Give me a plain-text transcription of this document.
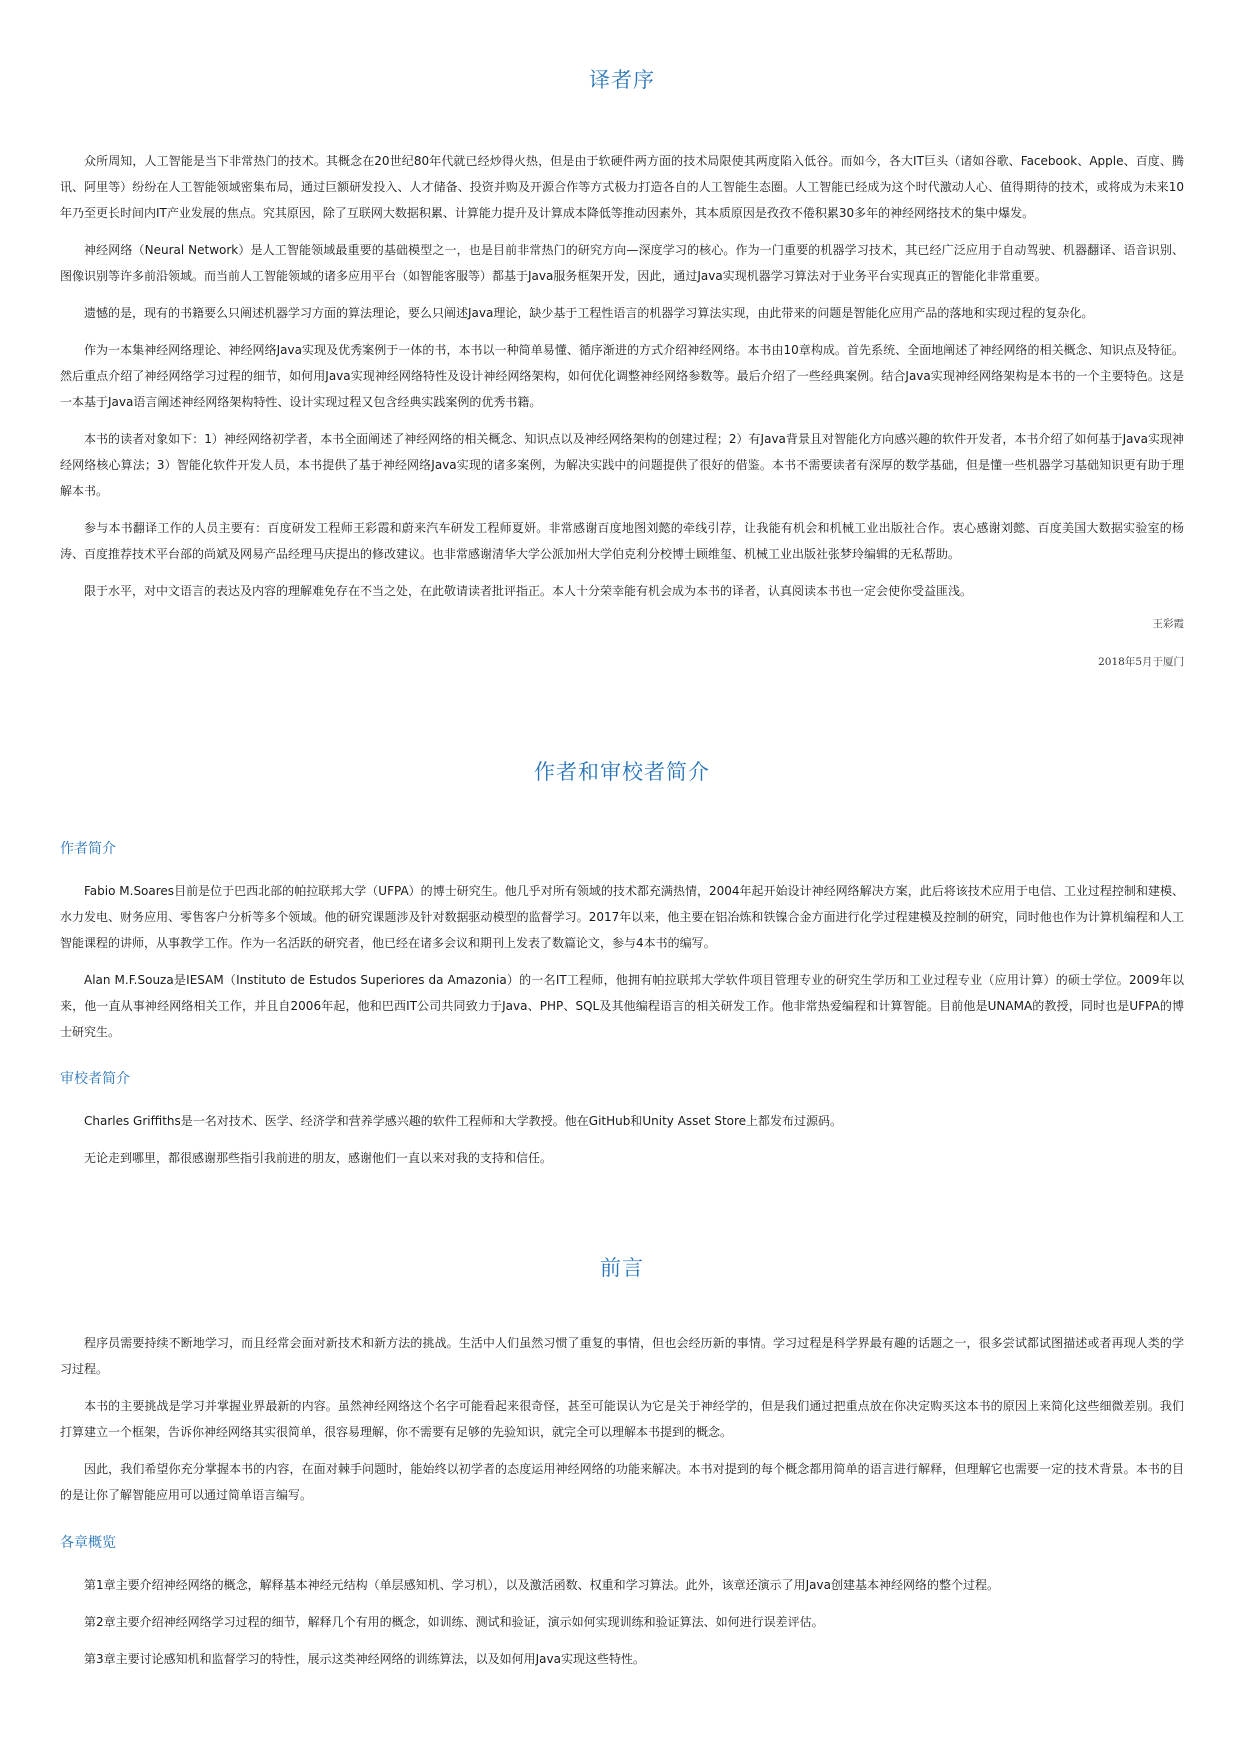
译者序

众所周知，人工智能是当下非常热门的技术。其概念在20世纪80年代就已经炒得火热，但是由于软硬件两方面的技术局限使其两度陷入低谷。而如今，各大IT巨头（诸如谷歌、Facebook、Apple、百度、腾讯、阿里等）纷纷在人工智能领域密集布局，通过巨额研发投入、人才储备、投资并购及开源合作等方式极力打造各自的人工智能生态圈。人工智能已经成为这个时代激动人心、值得期待的技术，或将成为未来10年乃至更长时间内IT产业发展的焦点。究其原因，除了互联网大数据积累、计算能力提升及计算成本降低等推动因素外，其本质原因是孜孜不倦积累30多年的神经网络技术的集中爆发。

神经网络（Neural Network）是人工智能领域最重要的基础模型之一，也是目前非常热门的研究方向—深度学习的核心。作为一门重要的机器学习技术，其已经广泛应用于自动驾驶、机器翻译、语音识别、图像识别等许多前沿领域。而当前人工智能领域的诸多应用平台（如智能客服等）都基于Java服务框架开发，因此，通过Java实现机器学习算法对于业务平台实现真正的智能化非常重要。

遗憾的是，现有的书籍要么只阐述机器学习方面的算法理论，要么只阐述Java理论，缺少基于工程性语言的机器学习算法实现，由此带来的问题是智能化应用产品的落地和实现过程的复杂化。

作为一本集神经网络理论、神经网络Java实现及优秀案例于一体的书，本书以一种简单易懂、循序渐进的方式介绍神经网络。本书由10章构成。首先系统、全面地阐述了神经网络的相关概念、知识点及特征。然后重点介绍了神经网络学习过程的细节，如何用Java实现神经网络特性及设计神经网络架构，如何优化调整神经网络参数等。最后介绍了一些经典案例。结合Java实现神经网络架构是本书的一个主要特色。这是一本基于Java语言阐述神经网络架构特性、设计实现过程又包含经典实践案例的优秀书籍。

本书的读者对象如下：1）神经网络初学者，本书全面阐述了神经网络的相关概念、知识点以及神经网络架构的创建过程；2）有Java背景且对智能化方向感兴趣的软件开发者，本书介绍了如何基于Java实现神经网络核心算法；3）智能化软件开发人员，本书提供了基于神经网络Java实现的诸多案例，为解决实践中的问题提供了很好的借鉴。本书不需要读者有深厚的数学基础，但是懂一些机器学习基础知识更有助于理解本书。

参与本书翻译工作的人员主要有：百度研发工程师王彩霞和蔚来汽车研发工程师夏妍。非常感谢百度地图刘懿的牵线引荐，让我能有机会和机械工业出版社合作。衷心感谢刘懿、百度美国大数据实验室的杨涛、百度推荐技术平台部的尚斌及网易产品经理马庆提出的修改建议。也非常感谢清华大学公派加州大学伯克利分校博士顾维玺、机械工业出版社张梦玲编辑的无私帮助。

限于水平，对中文语言的表达及内容的理解难免存在不当之处，在此敬请读者批评指正。本人十分荣幸能有机会成为本书的译者，认真阅读本书也一定会使你受益匪浅。

王彩霞

2018年5月于厦门

作者和审校者简介
作者简介

Fabio M.Soares目前是位于巴西北部的帕拉联邦大学（UFPA）的博士研究生。他几乎对所有领域的技术都充满热情，2004年起开始设计神经网络解决方案，此后将该技术应用于电信、工业过程控制和建模、水力发电、财务应用、零售客户分析等多个领域。他的研究课题涉及针对数据驱动模型的监督学习。2017年以来，他主要在铝冶炼和铁镍合金方面进行化学过程建模及控制的研究，同时他也作为计算机编程和人工智能课程的讲师，从事教学工作。作为一名活跃的研究者，他已经在诸多会议和期刊上发表了数篇论文，参与4本书的编写。

Alan M.F.Souza是IESAM（Instituto de Estudos Superiores da Amazonia）的一名IT工程师，他拥有帕拉联邦大学软件项目管理专业的研究生学历和工业过程专业（应用计算）的硕士学位。2009年以来，他一直从事神经网络相关工作，并且自2006年起，他和巴西IT公司共同致力于Java、PHP、SQL及其他编程语言的相关研发工作。他非常热爱编程和计算智能。目前他是UNAMA的教授，同时也是UFPA的博士研究生。

审校者简介

Charles Griffiths是一名对技术、医学、经济学和营养学感兴趣的软件工程师和大学教授。他在GitHub和Unity Asset Store上都发布过源码。

无论走到哪里，都很感谢那些指引我前进的朋友，感谢他们一直以来对我的支持和信任。

前言

程序员需要持续不断地学习，而且经常会面对新技术和新方法的挑战。生活中人们虽然习惯了重复的事情，但也会经历新的事情。学习过程是科学界最有趣的话题之一，很多尝试都试图描述或者再现人类的学习过程。

本书的主要挑战是学习并掌握业界最新的内容。虽然神经网络这个名字可能看起来很奇怪，甚至可能误认为它是关于神经学的，但是我们通过把重点放在你决定购买这本书的原因上来简化这些细微差别。我们打算建立一个框架，告诉你神经网络其实很简单，很容易理解，你不需要有足够的先验知识，就完全可以理解本书提到的概念。

因此，我们希望你充分掌握本书的内容，在面对棘手问题时，能始终以初学者的态度运用神经网络的功能来解决。本书对提到的每个概念都用简单的语言进行解释，但理解它也需要一定的技术背景。本书的目的是让你了解智能应用可以通过简单语言编写。

各章概览

第1章主要介绍神经网络的概念，解释基本神经元结构（单层感知机、学习机），以及激活函数、权重和学习算法。此外，该章还演示了用Java创建基本神经网络的整个过程。

第2章主要介绍神经网络学习过程的细节，解释几个有用的概念，如训练、测试和验证，演示如何实现训练和验证算法、如何进行误差评估。

第3章主要讨论感知机和监督学习的特性，展示这类神经网络的训练算法，以及如何用Java实现这些特性。
